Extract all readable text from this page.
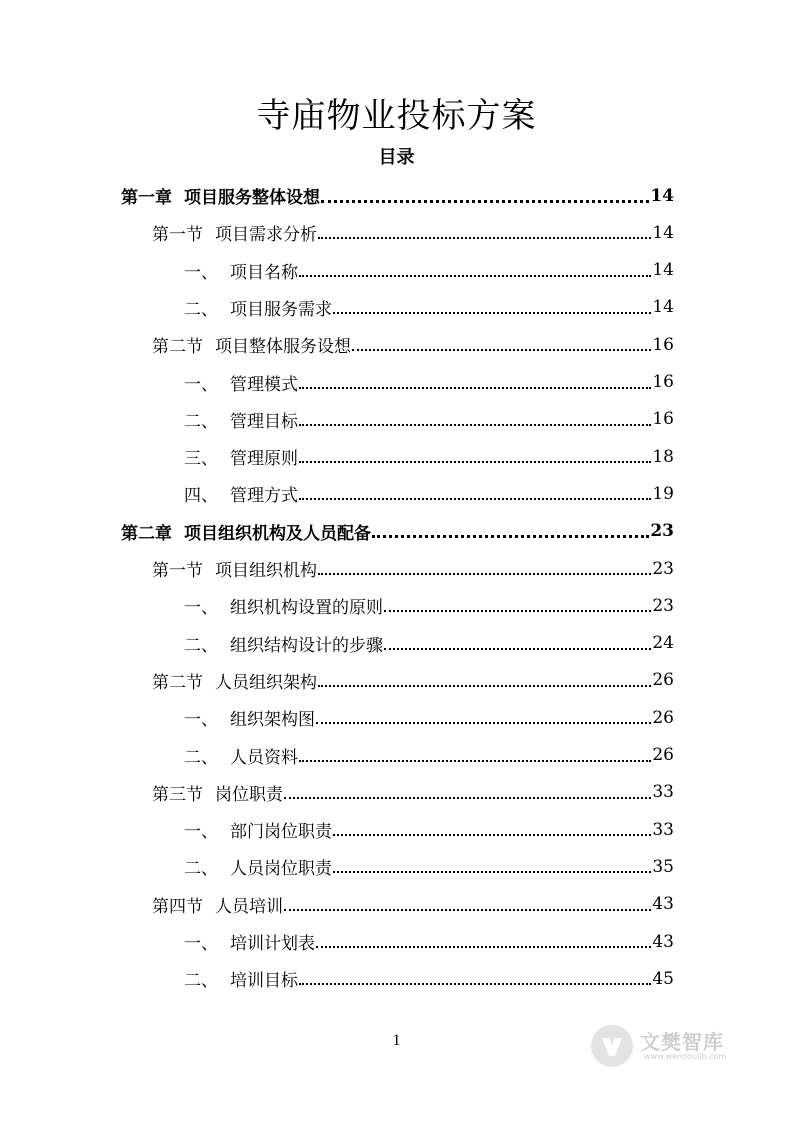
寺庙物业投标方案
目录
第一章 项目服务整体设想	14
第一节 项目需求分析	14
一、 项目名称	14
二、 项目服务需求	14
第二节 项目整体服务设想	16
一、 管理模式	16
二、 管理目标	16
三、 管理原则	18
四、 管理方式	19
第二章 项目组织机构及人员配备	23
第一节 项目组织机构	23
一、 组织机构设置的原则	23
二、 组织结构设计的步骤	24
第二节 人员组织架构	26
一、 组织架构图	26
二、 人员资料	26
第三节 岗位职责	33
一、 部门岗位职责	33
二、 人员岗位职责	35
第四节 人员培训	43
一、 培训计划表	43
二、 培训目标	45
1	文樊智库
www.wendoulib.com
